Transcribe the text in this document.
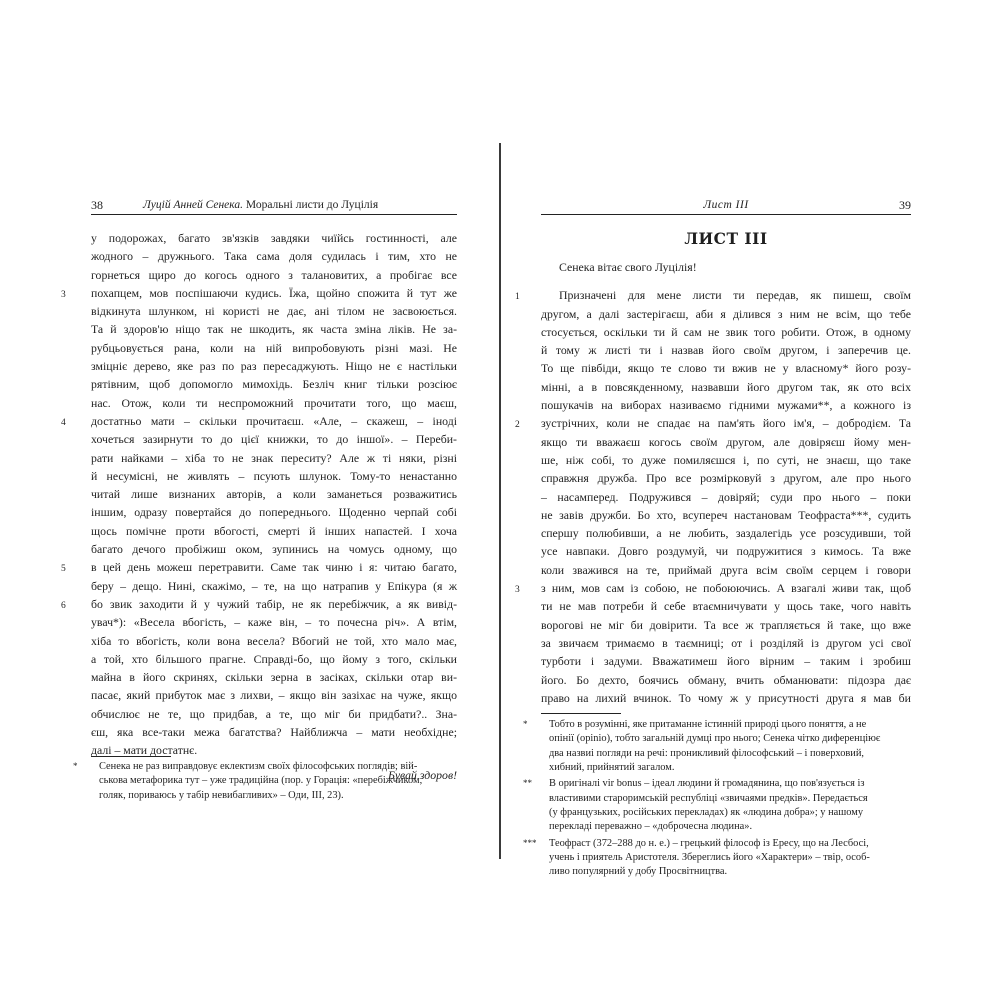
38	Луцій Анней Сенека. Моральні листи до Луцілія
у подорожах, багато зв'язків завдяки чиїйсь гостинності, але
жодного – дружнього. Така сама доля судилась і тим, хто не
горнеться щиро до когось одного з талановитих, а пробігає все
3 похапцем, мов поспішаючи кудись. Їжа, щойно спожита й тут же
відкинута шлунком, ні користі не дає, ані тілом не засвоюється.
Та й здоров'ю ніщо так не шкодить, як часта зміна ліків. Не за-
рубцьовується рана, коли на ній випробовують різні мазі. Не
зміцніє дерево, яке раз по раз пересаджують. Ніщо не є настільки
рятівним, щоб допомогло мимохідь. Безліч книг тільки розсіює
нас. Отож, коли ти неспроможний прочитати того, що маєш,
4 достатньо мати – скільки прочитаєш. «Але, – скажеш, – іноді
хочеться зазирнути то до цієї книжки, то до іншої». – Переби-
рати найками – хіба то не знак переситу? Але ж ті няки, різні
й несумісні, не живлять – псують шлунок. Тому-то ненастанно
читай лише визнаних авторів, а коли заманеться розважитись
іншим, одразу повертайся до попереднього. Щоденно черпай собі
щось помічне проти вбогості, смерті й інших напастей. І хоча
багато дечого пробіжиш оком, зупинись на чомусь одному, що
5 в цей день можеш перетравити. Саме так чиню і я: читаю багато,
беру – дещо. Нині, скажімо, – те, на що натрапив у Епікура (я ж
6 бо звик заходити й у чужий табір, не як перебіжчик, а як вивід-
увач*): «Весела вбогість, – каже він, – то почесна річ». А втім,
хіба то вбогість, коли вона весела? Вбогий не той, хто мало має,
а той, хто більшого прагне. Справді-бо, що йому з того, скільки
майна в його скринях, скільки зерна в засіках, скільки отар ви-
пасає, який прибуток має з лихви, – якщо він зазіхає на чуже, якщо
обчислює не те, що придбав, а те, що міг би придбати?.. Зна-
єш, яка все-таки межа багатства? Найближча – мати необхідне;
далі – мати достатнє.
Бувай здоров!
* Сенека не раз виправдовує еклектизм своїх філософських поглядів; вій-
ськова метафорика тут – уже традиційна (пор. у Горація: «перебіжчиком,
голяк, пориваюсь у табір невибагливих» – Оди, III, 23).
Лист III	39
ЛИСТ III
Сенека вітає свого Луцілія!
1	Призначені для мене листи ти передав, як пишеш, своїм
другом, а далі застерігаєш, аби я ділився з ним не всім, що тебе
стосується, оскільки ти й сам не звик того робити. Отож, в одному
й тому ж листі ти і назвав його своїм другом, і заперечив це.
То ще півбіди, якщо те слово ти вжив не у власному* його розу-
мінні, а в повсякденному, назвавши його другом так, як ото всіх
пошукачів на виборах називаємо гідними мужами**, а кожного із
2 зустрічних, коли не спадає на пам'ять його ім'я, – добродієм. Та
якщо ти вважаєш когось своїм другом, але довіряєш йому мен-
ше, ніж собі, то дуже помиляєшся і, по суті, не знаєш, що таке
справжня дружба. Про все розмірковуй з другом, але про нього
– насамперед. Подружився – довіряй; суди про нього – поки
не завів дружби. Бо хто, всупереч настановам Теофраста***, судить
спершу полюбивши, а не любить, заздалегідь усе розсудивши, той
усе навпаки. Довго роздумуй, чи подружитися з кимось. Та вже
коли зважився на те, приймай друга всім своїм серцем і говори
3 з ним, мов сам із собою, не побоюючись. А взагалі живи так, щоб
ти не мав потреби й себе втаємничувати у щось таке, чого навіть
ворогові не міг би довірити. Та все ж трапляється й таке, що вже
за звичаєм тримаємо в таємниці; от і розділяй із другом усі свої
турботи і задуми. Вважатимеш його вірним – таким і зробиш
його. Бо дехто, боячись обману, вчить обманювати: підозра дає
право на лихий вчинок. То чому ж у присутності друга я мав би
* Тобто в розумінні, яке притаманне істинній природі цього поняття, а не
опінії (opinio), тобто загальній думці про нього; Сенека чітко диференціює
два назвиі погляди на речі: проникливий філософський – і поверховий,
хибний, прийнятий загалом.
** В оригіналі vir bonus – ідеал людини й громадянина, що пов'язується із
властивими староримській республіці «звичаями предків». Передається
(у французьких, російських перекладах) як «людина добра»; у нашому
перекладі переважно – «доброчесна людина».
*** Теофраст (372–288 до н. е.) – грецький філософ із Ересу, що на Лесбосі,
учень і приятель Аристотеля. Збереглись його «Характери» – твір, особ-
ливо популярний у добу Просвітництва.
